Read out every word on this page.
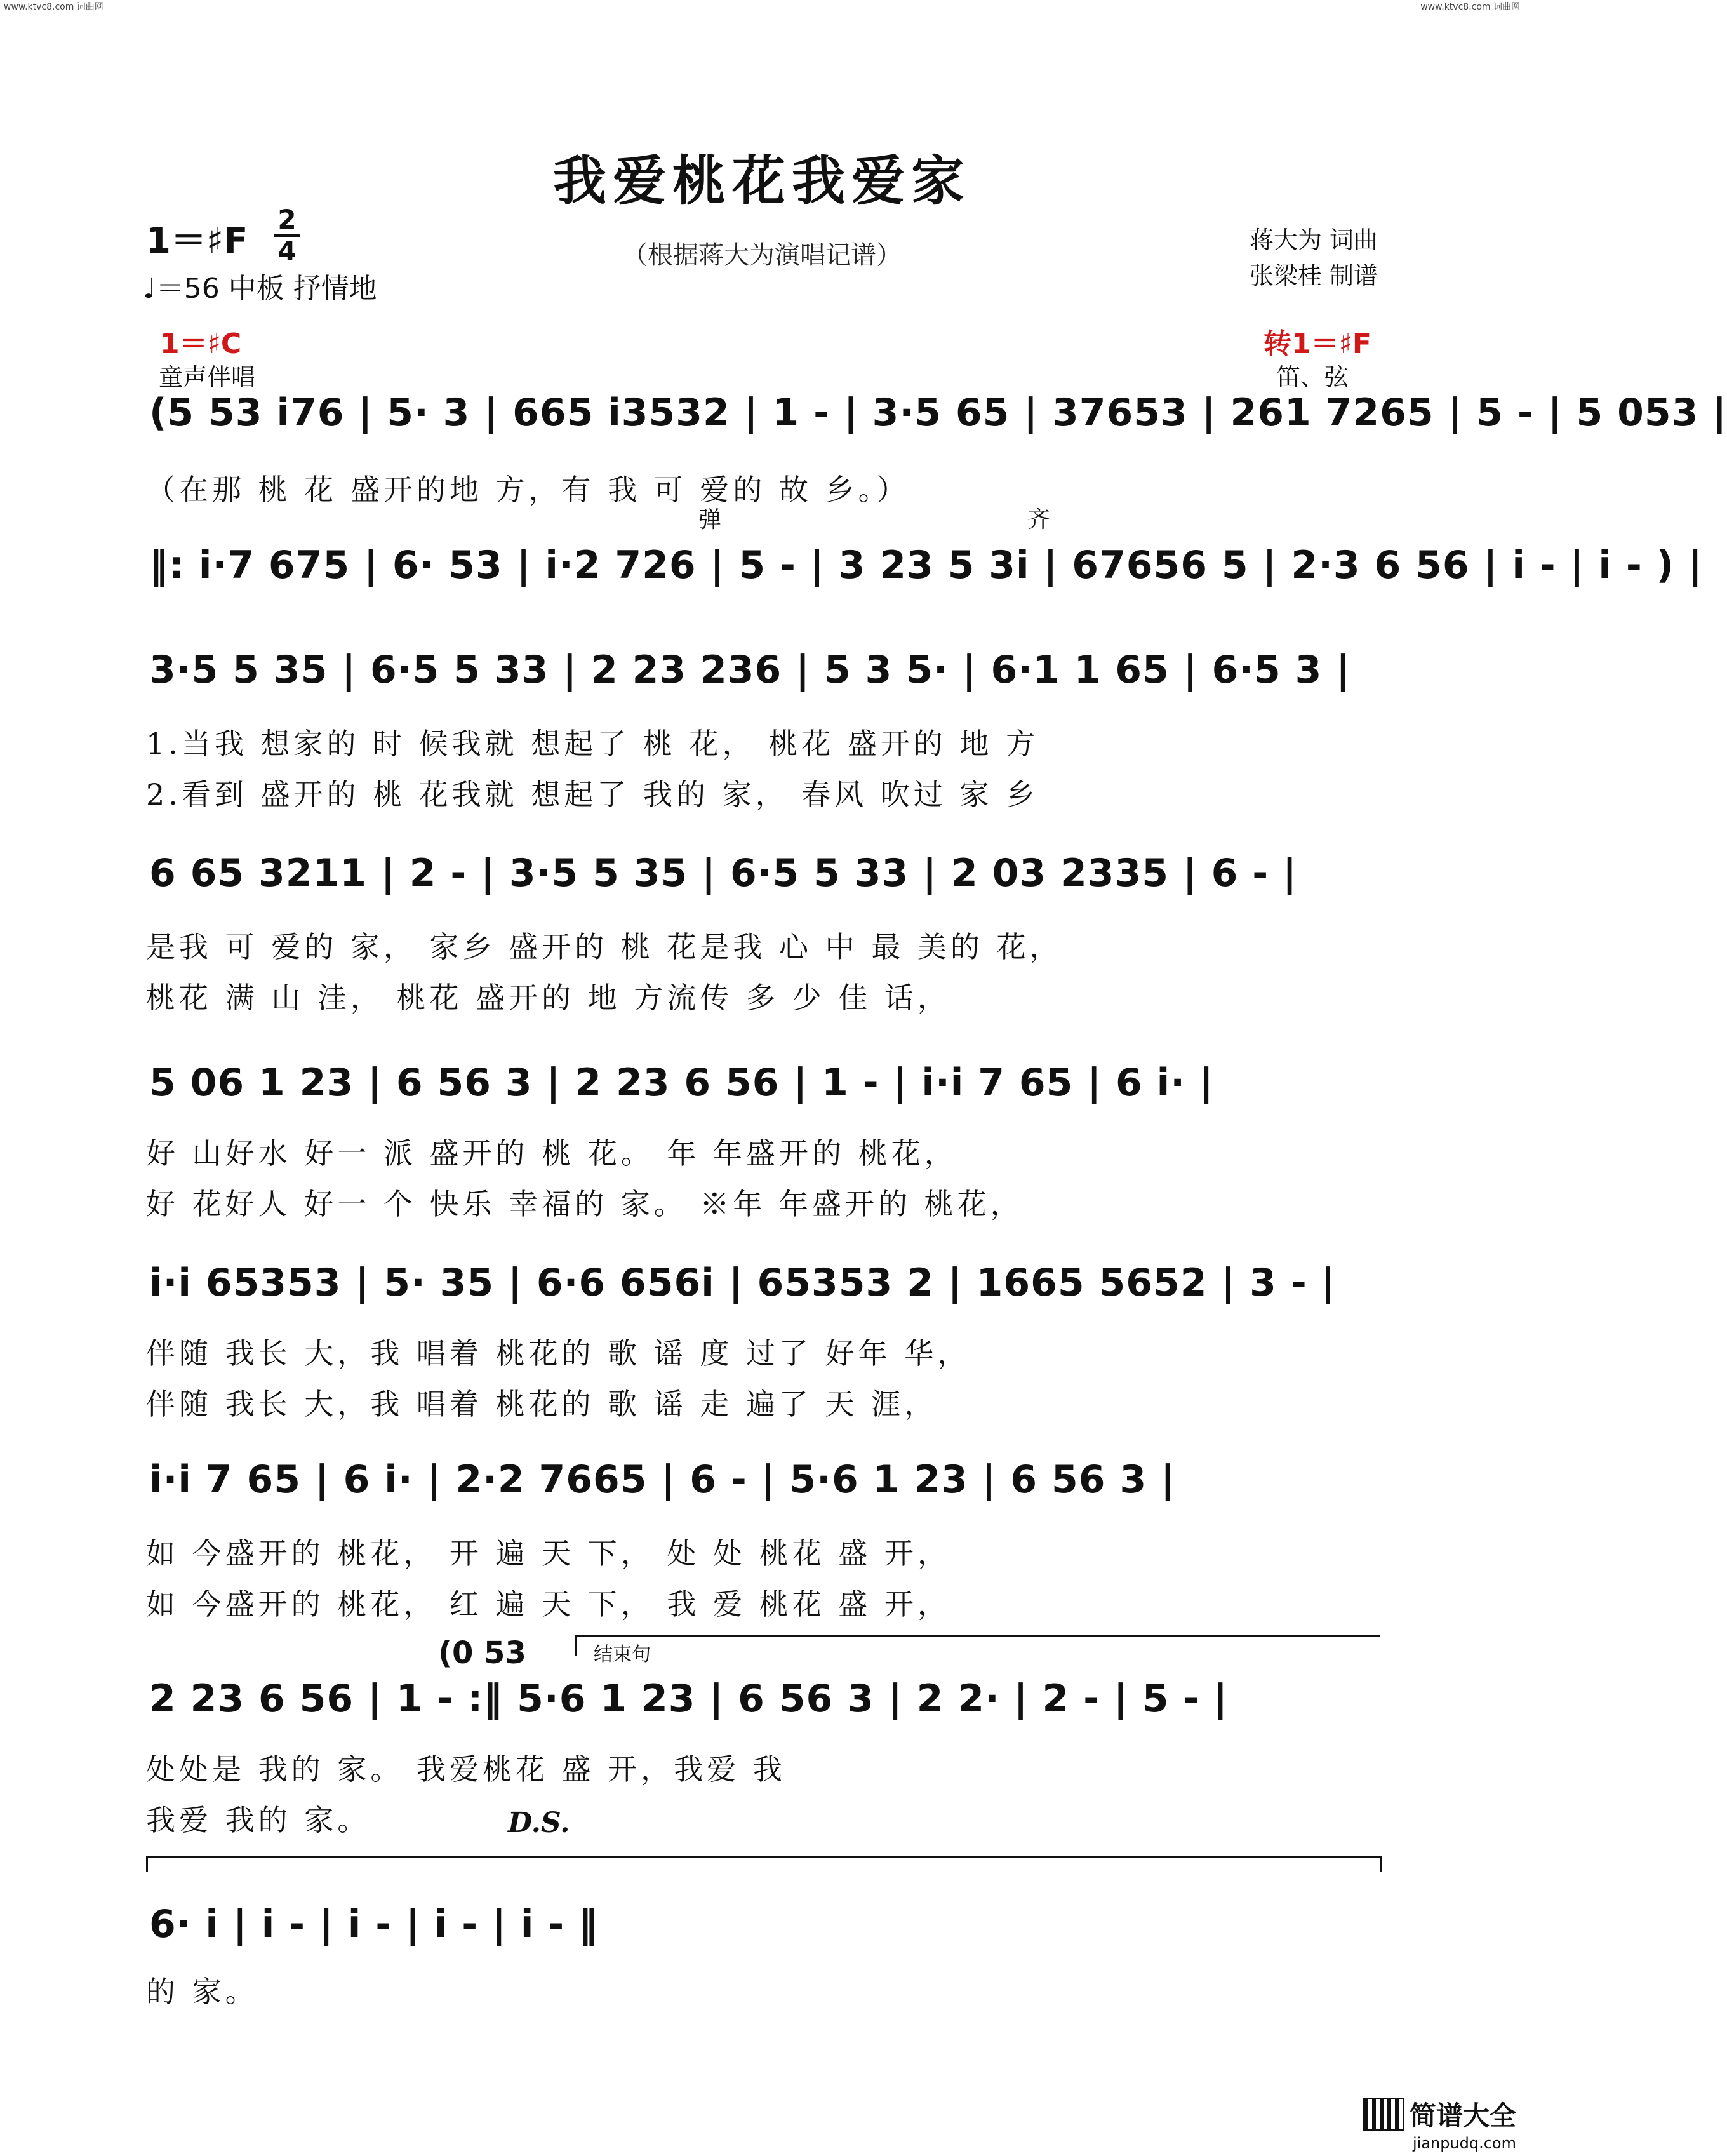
www.ktvc8.com 词曲网	www.ktvc8.com 词曲网
我爱桃花我爱家
（根据蒋大为演唱记谱）
1＝♯F
2
4
♩＝56 中板 抒情地
蒋大为 词曲
张梁桂 制谱
1＝♯C	转1＝♯F
童声伴唱	笛、弦
(5 53 i76 | 5· 3 | 665 i3532 | 1 - | 3·5 65 | 37653 | 261 7265 | 5 - | 5 053 |
（在那 桃 花 盛开的地 方，有 我 可 爱的 故 乡。）
弹	齐
‖: i·7 675 | 6· 53 | i·2 726 | 5 - | 3 23 5 3i | 67656 5 | 2·3 6 56 | i - | i - ) |
3·5 5 35 | 6·5 5 33 | 2 23 236 | 5 3 5· | 6·1 1 65 | 6·5 3 |
1.当我 想家的 时 候我就 想起了 桃 花， 桃花 盛开的 地 方
2.看到 盛开的 桃 花我就 想起了 我的 家， 春风 吹过 家 乡
6 65 3211 | 2 - | 3·5 5 35 | 6·5 5 33 | 2 03 2335 | 6 - |
是我 可 爱的 家， 家乡 盛开的 桃 花是我 心 中 最 美的 花，
桃花 满 山 洼， 桃花 盛开的 地 方流传 多 少 佳 话，
5 06 1 23 | 6 56 3 | 2 23 6 56 | 1 - | i·i 7 65 | 6 i· |
好 山好水 好一 派 盛开的 桃 花。 年 年盛开的 桃花，
好 花好人 好一 个 快乐 幸福的 家。 ※年 年盛开的 桃花，
i·i 65353 | 5· 35 | 6·6 656i | 65353 2 | 1665 5652 | 3 - |
伴随 我长 大，我 唱着 桃花的 歌 谣 度 过了 好年 华，
伴随 我长 大，我 唱着 桃花的 歌 谣 走 遍了 天 涯，
i·i 7 65 | 6 i· | 2·2 7665 | 6 - | 5·6 1 23 | 6 56 3 |
如 今盛开的 桃花， 开 遍 天 下， 处 处 桃花 盛 开，
如 今盛开的 桃花， 红 遍 天 下， 我 爱 桃花 盛 开，
(0 53	结束句
2 23 6 56 | 1 - :‖ 5·6 1 23 | 6 56 3 | 2 2· | 2 - | 5 - |
处处是 我的 家。 我爱桃花 盛 开，我爱 我
我爱 我的 家。	D.S.
6· i | i - | i - | i - | i - ‖
的 家。
简谱大全
jianpudq.com
